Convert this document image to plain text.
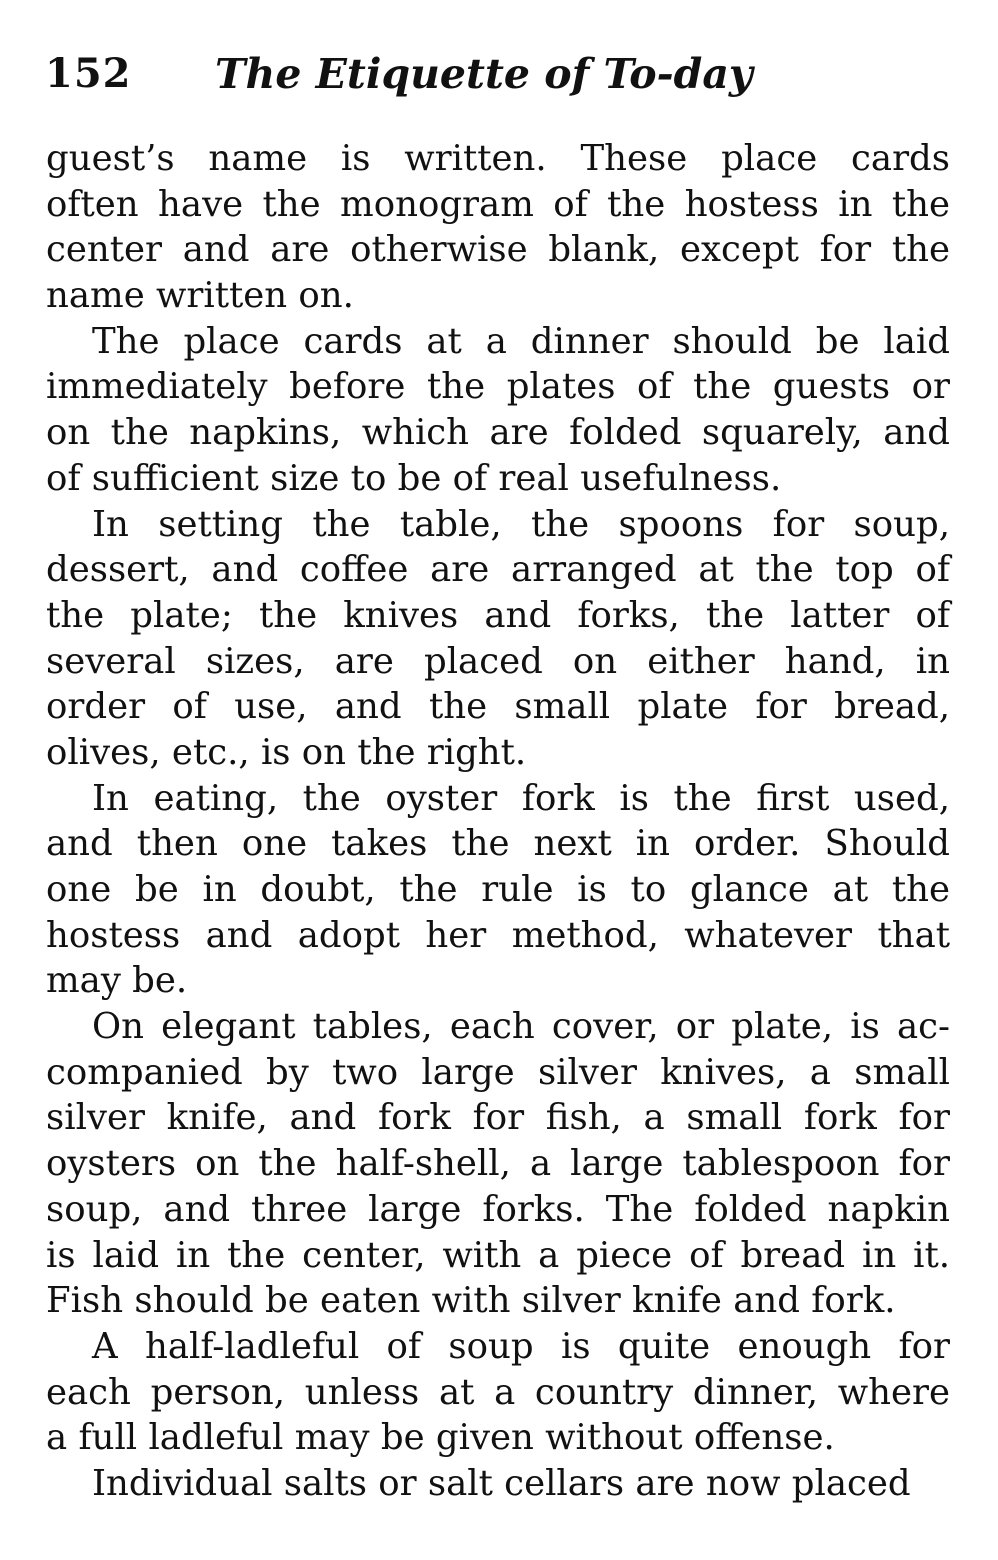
152 The Etiquette of To-day
guest’s name is written. These place cards
often have the monogram of the hostess in the
center and are otherwise blank, except for the
name written on.
The place cards at a dinner should be laid
immediately before the plates of the guests or
on the napkins, which are folded squarely, and
of sufficient size to be of real usefulness.
In setting the table, the spoons for soup,
dessert, and coffee are arranged at the top of
the plate; the knives and forks, the latter of
several sizes, are placed on either hand, in
order of use, and the small plate for bread,
olives, etc., is on the right.
In eating, the oyster fork is the first used,
and then one takes the next in order. Should
one be in doubt, the rule is to glance at the
hostess and adopt her method, whatever that
may be.
On elegant tables, each cover, or plate, is ac-
companied by two large silver knives, a small
silver knife, and fork for fish, a small fork for
oysters on the half-shell, a large tablespoon for
soup, and three large forks. The folded napkin
is laid in the center, with a piece of bread in it.
Fish should be eaten with silver knife and fork.
A half-ladleful of soup is quite enough for
each person, unless at a country dinner, where
a full ladleful may be given without offense.
Individual salts or salt cellars are now placed
